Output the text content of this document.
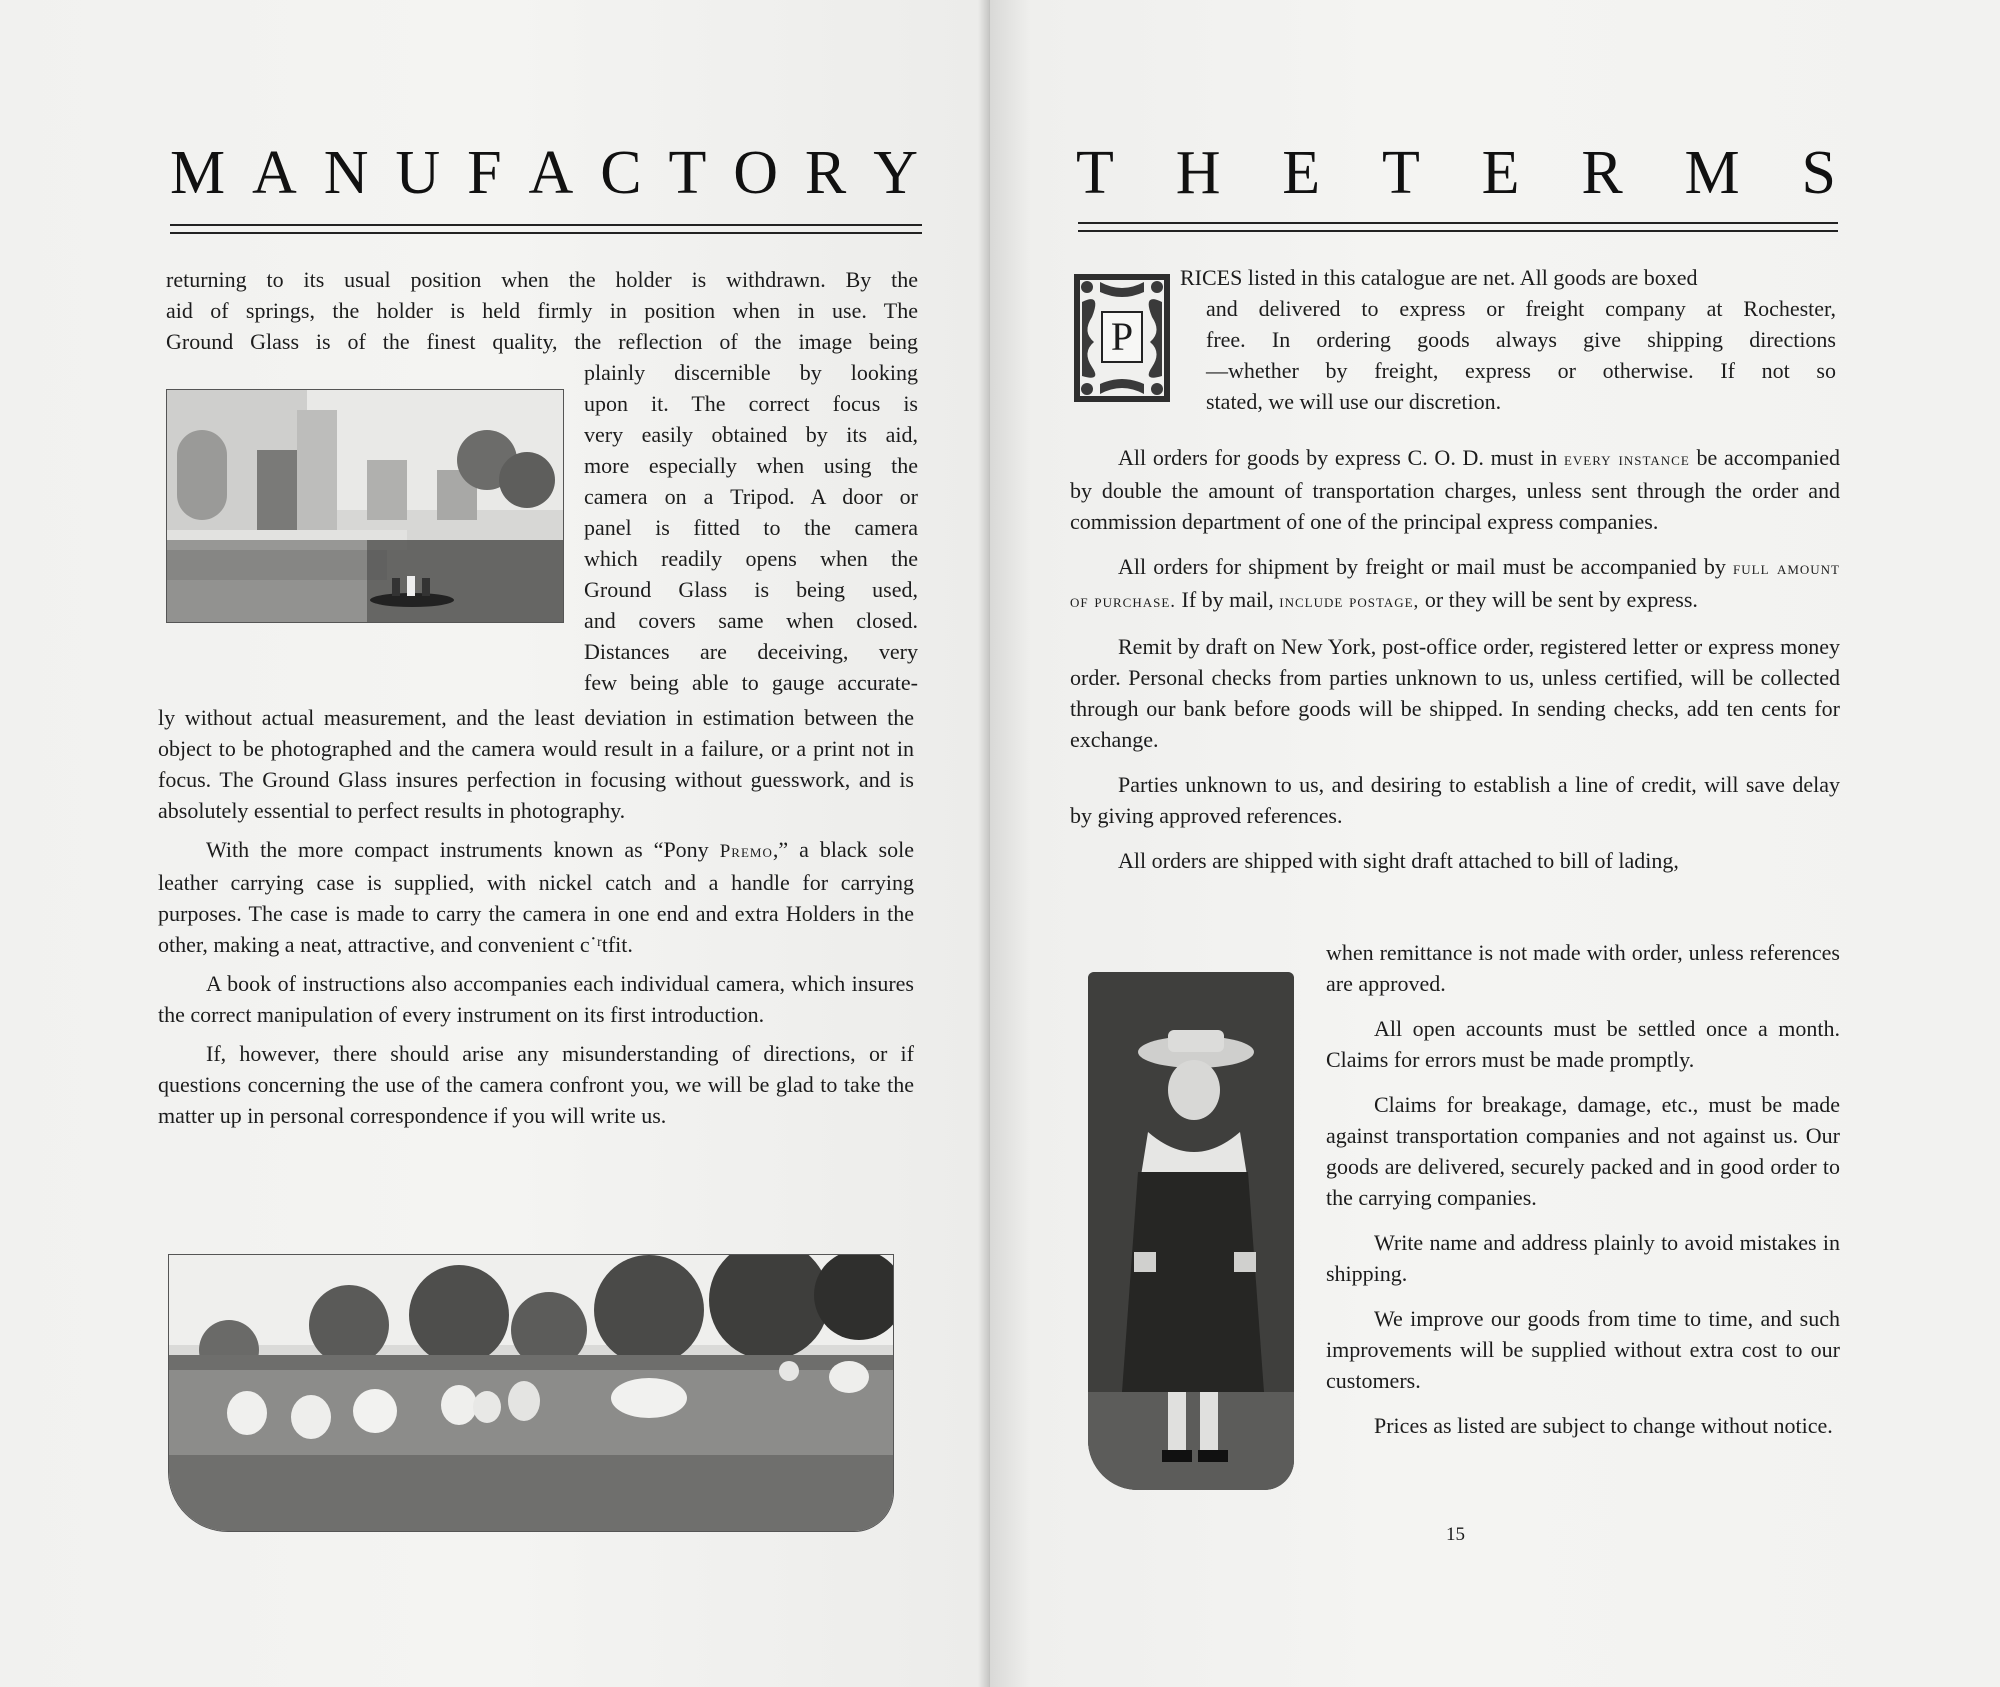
M A N U F A C T O R Y
returning to its usual position when the holder is withdrawn. By the
aid of springs, the holder is held firmly in position when in use. The
Ground Glass is of the finest quality, the reflection of the image being
plainly discernible by looking
upon it. The correct focus is
very easily obtained by its aid,
more especially when using the
camera on a Tripod. A door or
panel is fitted to the camera
which readily opens when the
Ground Glass is being used,
and covers same when closed.
Distances are deceiving, very
few being able to gauge accurate-

ly without actual measurement, and the least deviation in estimation between the object to be photographed and the camera would result in a failure, or a print not in focus. The Ground Glass insures perfection in focusing without guesswork, and is absolutely essential to perfect results in photography.

With the more compact instruments known as “Pony Premo,” a black sole leather carrying case is supplied, with nickel catch and a handle for carrying purposes. The case is made to carry the camera in one end and extra Holders in the other, making a neat, attractive, and convenient c˙ʳtfit.

A book of instructions also accompanies each individual camera, which insures the correct manipulation of every instrument on its first introduction.

If, however, there should arise any misunderstanding of directions, or if questions concerning the use of the camera confront you, we will be glad to take the matter up in personal correspondence if you will write us.

T H E T E R M S
P
RICES listed in this catalogue are net. All goods are boxed
and delivered to express or freight company at Rochester,
free. In ordering goods always give shipping directions
—whether by freight, express or otherwise. If not so
stated, we will use our discretion.

All orders for goods by express C. O. D. must in every instance be accompanied by double the amount of transportation charges, unless sent through the order and commission department of one of the principal express companies.

All orders for shipment by freight or mail must be accompanied by full amount of purchase. If by mail, include postage, or they will be sent by express.

Remit by draft on New York, post-office order, registered letter or express money order. Personal checks from parties unknown to us, unless certified, will be collected through our bank before goods will be shipped. In sending checks, add ten cents for exchange.

Parties unknown to us, and desiring to establish a line of credit, will save delay by giving approved references.

All orders are shipped with sight draft attached to bill of lading,

when remittance is not made with order, unless references are approved.

All open accounts must be settled once a month. Claims for errors must be made promptly.

Claims for breakage, damage, etc., must be made against transportation companies and not against us. Our goods are delivered, securely packed and in good order to the carrying companies.

Write name and address plainly to avoid mistakes in shipping.

We improve our goods from time to time, and such improvements will be supplied without extra cost to our customers.

Prices as listed are subject to change without notice.

15
